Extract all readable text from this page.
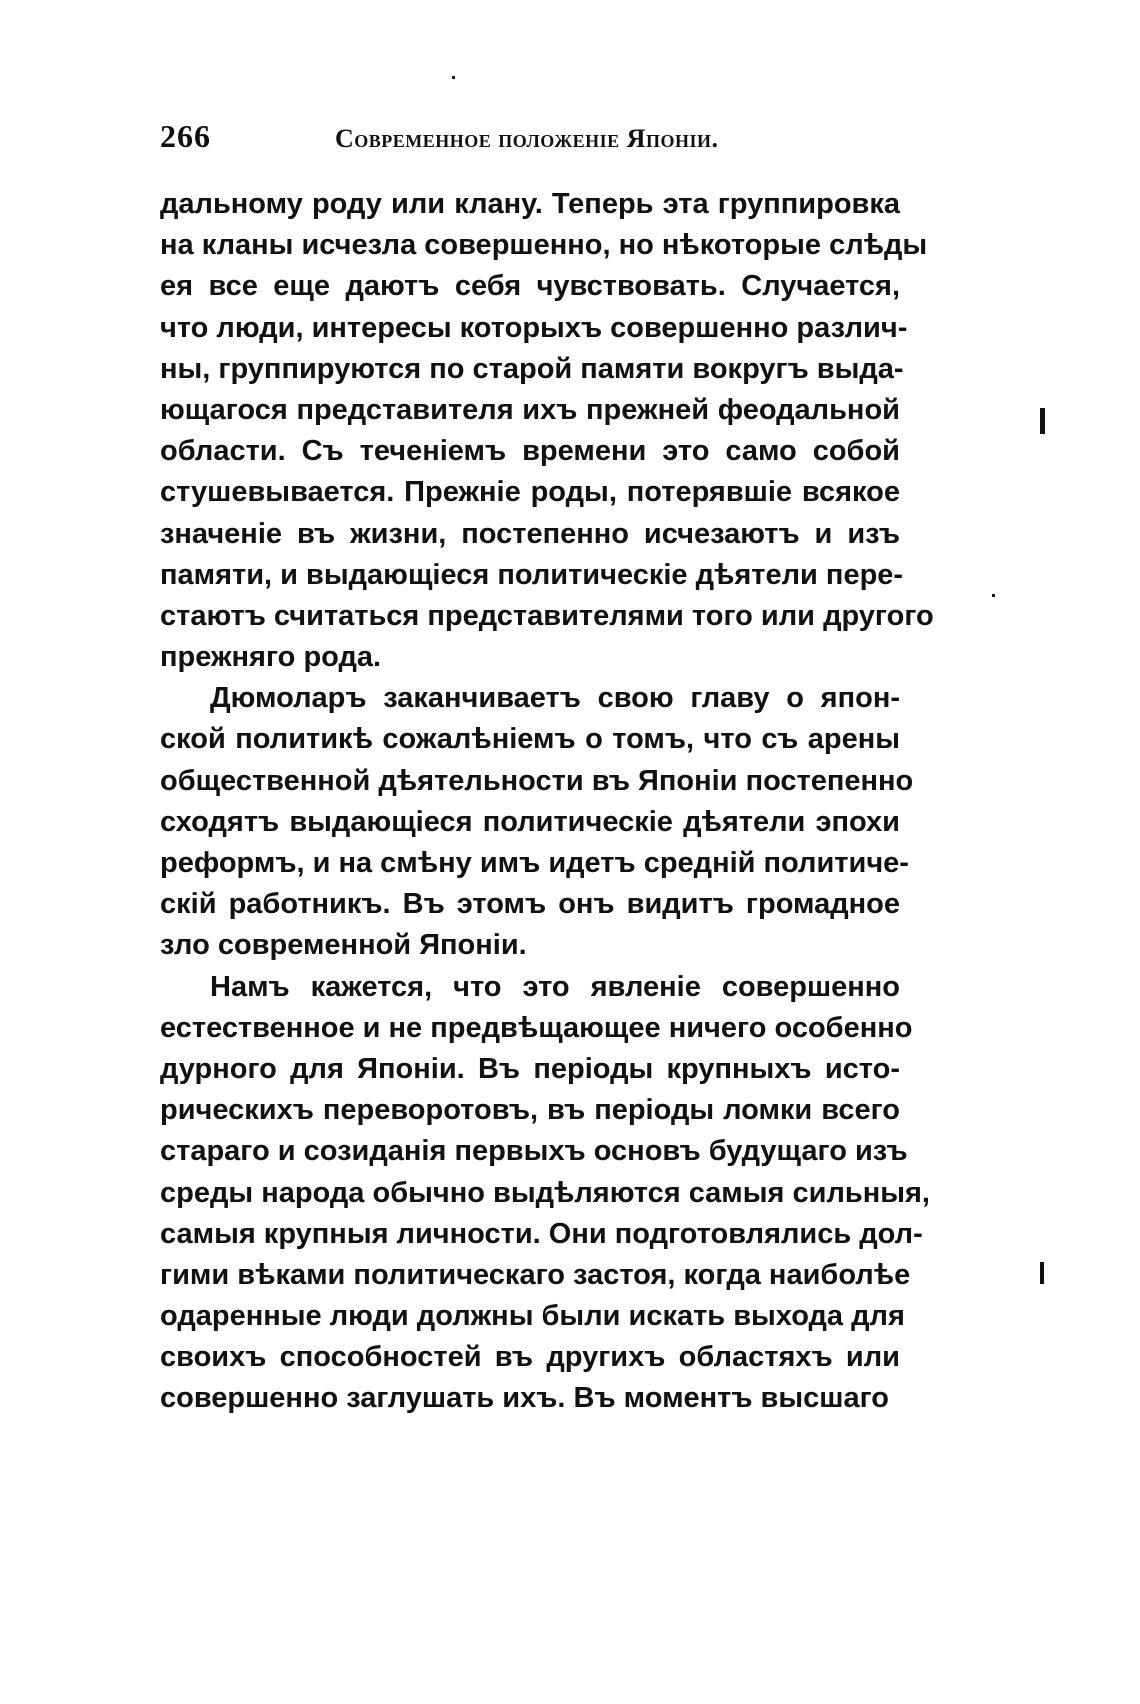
266	Современное положеніе Японіи.
дальному роду или клану. Теперь эта группировка
на кланы исчезла совершенно, но нѣкоторые слѣды
ея все еще даютъ себя чувствовать. Случается,
что люди, интересы которыхъ совершенно различ-
ны, группируются по старой памяти вокругъ выда-
ющагося представителя ихъ прежней феодальной
области. Съ теченіемъ времени это само собой
стушевывается. Прежніе роды, потерявшіе всякое
значеніе въ жизни, постепенно исчезаютъ и изъ
памяти, и выдающіеся политическіе дѣятели пере-
стаютъ считаться представителями того или другого
прежняго рода.
Дюмоларъ заканчиваетъ свою главу о япон-
ской политикѣ сожалѣніемъ о томъ, что съ арены
общественной дѣятельности въ Японіи постепенно
сходятъ выдающіеся политическіе дѣятели эпохи
реформъ, и на смѣну имъ идетъ средній политиче-
скій работникъ. Въ этомъ онъ видитъ громадное
зло современной Японіи.
Намъ кажется, что это явленіе совершенно
естественное и не предвѣщающее ничего особенно
дурного для Японіи. Въ періоды крупныхъ исто-
рическихъ переворотовъ, въ періоды ломки всего
стараго и созиданія первыхъ основъ будущаго изъ
среды народа обычно выдѣляются самыя сильныя,
самыя крупныя личности. Они подготовлялись дол-
гими вѣками политическаго застоя, когда наиболѣе
одаренные люди должны были искать выхода для
своихъ способностей въ другихъ областяхъ или
совершенно заглушать ихъ. Въ моментъ высшаго
